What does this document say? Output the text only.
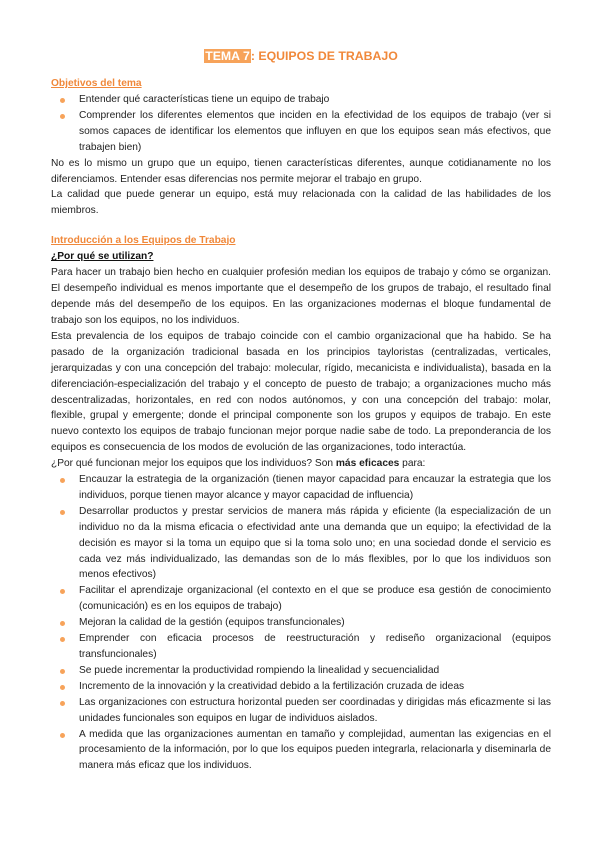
TEMA 7: EQUIPOS DE TRABAJO
Objetivos del tema
Entender qué características tiene un equipo de trabajo
Comprender los diferentes elementos que inciden en la efectividad de los equipos de trabajo (ver si somos capaces de identificar los elementos que influyen en que los equipos sean más efectivos, que trabajen bien)

No es lo mismo un grupo que un equipo, tienen características diferentes, aunque cotidianamente no los diferenciamos. Entender esas diferencias nos permite mejorar el trabajo en grupo.

La calidad que puede generar un equipo, está muy relacionada con la calidad de las habilidades de los miembros.

Introducción a los Equipos de Trabajo
¿Por qué se utilizan?

Para hacer un trabajo bien hecho en cualquier profesión median los equipos de trabajo y cómo se organizan. El desempeño individual es menos importante que el desempeño de los grupos de trabajo, el resultado final depende más del desempeño de los equipos. En las organizaciones modernas el bloque fundamental de trabajo son los equipos, no los individuos.

Esta prevalencia de los equipos de trabajo coincide con el cambio organizacional que ha habido. Se ha pasado de la organización tradicional basada en los principios tayloristas (centralizadas, verticales, jerarquizadas y con una concepción del trabajo: molecular, rígido, mecanicista e individualista), basada en la diferenciación-especialización del trabajo y el concepto de puesto de trabajo; a organizaciones mucho más descentralizadas, horizontales, en red con nodos autónomos, y con una concepción del trabajo: molar, flexible, grupal y emergente; donde el principal componente son los grupos y equipos de trabajo. En este nuevo contexto los equipos de trabajo funcionan mejor porque nadie sabe de todo. La preponderancia de los equipos es consecuencia de los modos de evolución de las organizaciones, todo interactúa.

¿Por qué funcionan mejor los equipos que los individuos? Son más eficaces para:

Encauzar la estrategia de la organización (tienen mayor capacidad para encauzar la estrategia que los individuos, porque tienen mayor alcance y mayor capacidad de influencia)
Desarrollar productos y prestar servicios de manera más rápida y eficiente (la especialización de un individuo no da la misma eficacia o efectividad ante una demanda que un equipo; la efectividad de la decisión es mayor si la toma un equipo que si la toma solo uno; en una sociedad donde el servicio es cada vez más individualizado, las demandas son de lo más flexibles, por lo que los individuos son menos efectivos)
Facilitar el aprendizaje organizacional (el contexto en el que se produce esa gestión de conocimiento (comunicación) es en los equipos de trabajo)
Mejoran la calidad de la gestión (equipos transfuncionales)
Emprender con eficacia procesos de reestructuración y rediseño organizacional (equipos transfuncionales)
Se puede incrementar la productividad rompiendo la linealidad y secuencialidad
Incremento de la innovación y la creatividad debido a la fertilización cruzada de ideas
Las organizaciones con estructura horizontal pueden ser coordinadas y dirigidas más eficazmente si las unidades funcionales son equipos en lugar de individuos aislados.
A medida que las organizaciones aumentan en tamaño y complejidad, aumentan las exigencias en el procesamiento de la información, por lo que los equipos pueden integrarla, relacionarla y diseminarla de manera más eficaz que los individuos.
